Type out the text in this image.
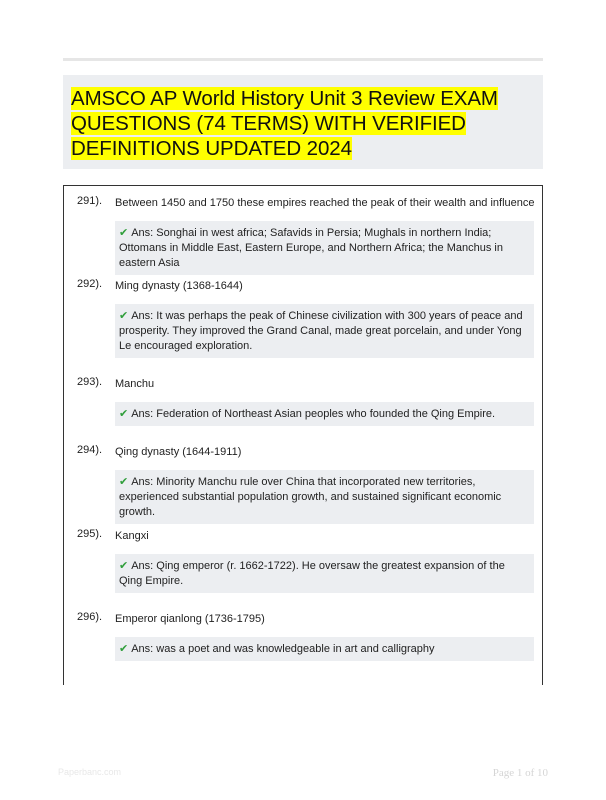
AMSCO AP World History Unit 3 Review EXAM QUESTIONS (74 TERMS) WITH VERIFIED DEFINITIONS UPDATED 2024
291). Between 1450 and 1750 these empires reached the peak of their wealth and influence
✔ Ans: Songhai in west africa; Safavids in Persia; Mughals in northern India; Ottomans in Middle East, Eastern Europe, and Northern Africa; the Manchus in eastern Asia
292). Ming dynasty (1368-1644)
✔ Ans: It was perhaps the peak of Chinese civilization with 300 years of peace and prosperity. They improved the Grand Canal, made great porcelain, and under Yong Le encouraged exploration.
293). Manchu
✔ Ans: Federation of Northeast Asian peoples who founded the Qing Empire.
294). Qing dynasty (1644-1911)
✔ Ans: Minority Manchu rule over China that incorporated new territories, experienced substantial population growth, and sustained significant economic growth.
295). Kangxi
✔ Ans: Qing emperor (r. 1662-1722). He oversaw the greatest expansion of the Qing Empire.
296). Emperor qianlong (1736-1795)
✔ Ans: was a poet and was knowledgeable in art and calligraphy
Paperbanc.com	Page 1 of 10
